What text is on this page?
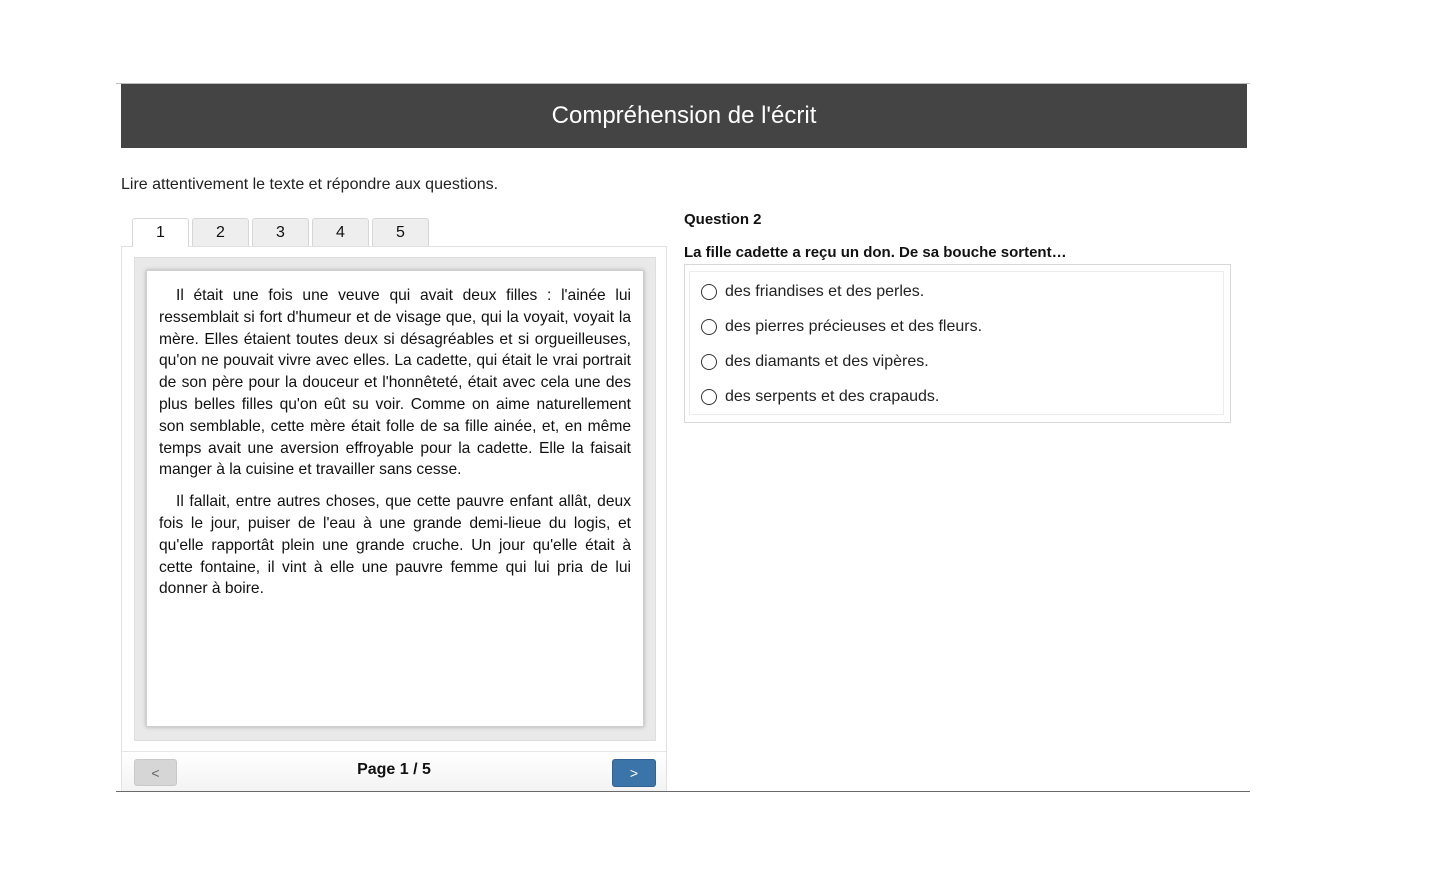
Compréhension de l'écrit
Lire attentivement le texte et répondre aux questions.
1	2	3	4	5

Il était une fois une veuve qui avait deux filles : l'ainée lui ressemblait si fort d'humeur et de visage que, qui la voyait, voyait la mère. Elles étaient toutes deux si désagréables et si orgueilleuses, qu'on ne pouvait vivre avec elles. La cadette, qui était le vrai portrait de son père pour la douceur et l'honnêteté, était avec cela une des plus belles filles qu'on eût su voir. Comme on aime naturellement son semblable, cette mère était folle de sa fille ainée, et, en même temps avait une aversion effroyable pour la cadette. Elle la faisait manger à la cuisine et travailler sans cesse.

Il fallait, entre autres choses, que cette pauvre enfant allât, deux fois le jour, puiser de l'eau à une grande demi-lieue du logis, et qu'elle rapportât plein une grande cruche. Un jour qu'elle était à cette fontaine, il vint à elle une pauvre femme qui lui pria de lui donner à boire.

<	Page 1 / 5	>
Question 2
La fille cadette a reçu un don. De sa bouche sortent…
des friandises et des perles.
des pierres précieuses et des fleurs.
des diamants et des vipères.
des serpents et des crapauds.
